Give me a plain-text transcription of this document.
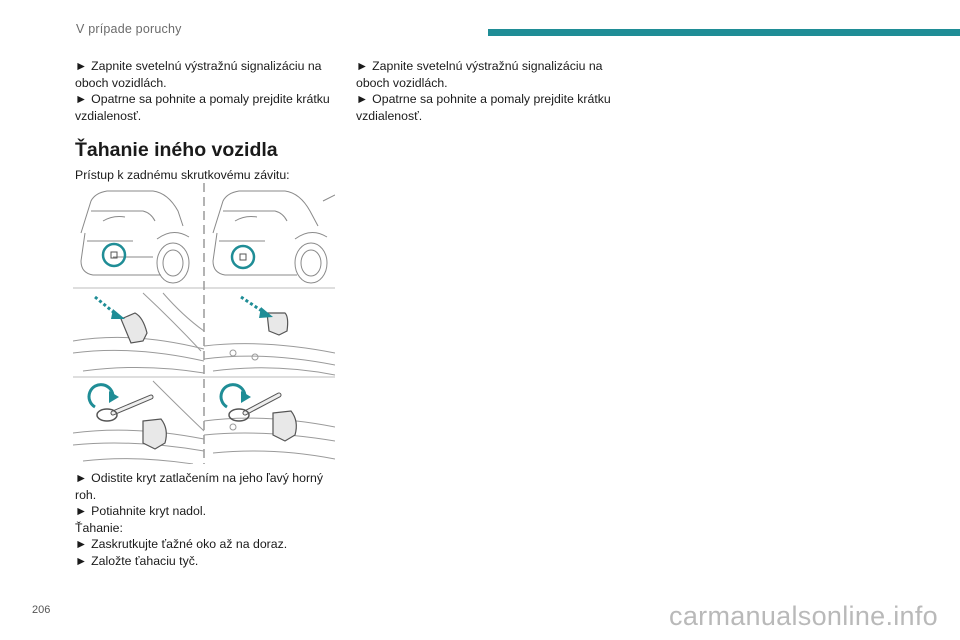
V prípade poruchy

► Zapnite svetelnú výstražnú signalizáciu na

oboch vozidlách.

► Opatrne sa pohnite a pomaly prejdite krátku

vzdialenosť.

Ťahanie iného vozidla

Prístup k zadnému skrutkovému závitu:

► Zapnite svetelnú výstražnú signalizáciu na

oboch vozidlách.

► Opatrne sa pohnite a pomaly prejdite krátku

vzdialenosť.

► Odistite kryt zatlačením na jeho ľavý horný

roh.

► Potiahnite kryt nadol.

Ťahanie:

► Zaskrutkujte ťažné oko až na doraz.

► Založte ťahaciu tyč.

206	carmanualsonline.info
